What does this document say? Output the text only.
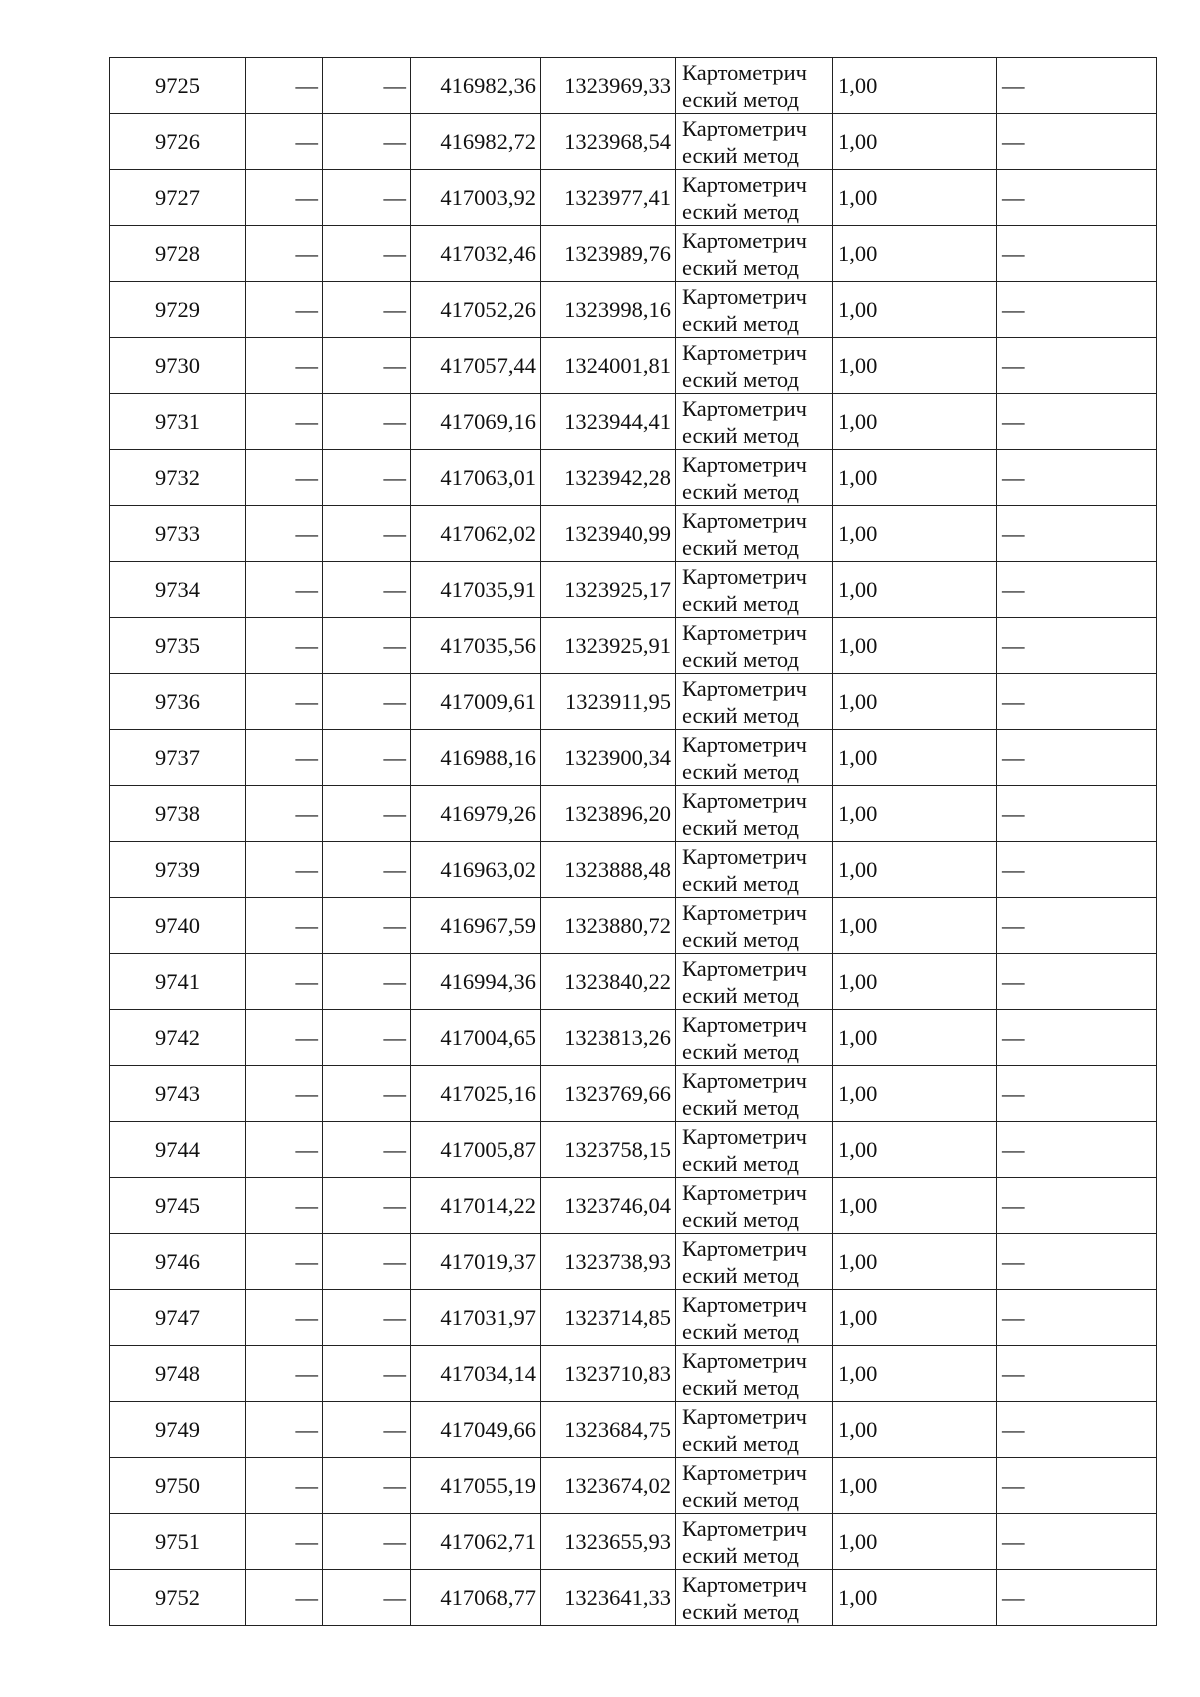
9725	—	—	416982,36	1323969,33	Картометрич
еский метод	1,00	—
9726	—	—	416982,72	1323968,54	Картометрич
еский метод	1,00	—
9727	—	—	417003,92	1323977,41	Картометрич
еский метод	1,00	—
9728	—	—	417032,46	1323989,76	Картометрич
еский метод	1,00	—
9729	—	—	417052,26	1323998,16	Картометрич
еский метод	1,00	—
9730	—	—	417057,44	1324001,81	Картометрич
еский метод	1,00	—
9731	—	—	417069,16	1323944,41	Картометрич
еский метод	1,00	—
9732	—	—	417063,01	1323942,28	Картометрич
еский метод	1,00	—
9733	—	—	417062,02	1323940,99	Картометрич
еский метод	1,00	—
9734	—	—	417035,91	1323925,17	Картометрич
еский метод	1,00	—
9735	—	—	417035,56	1323925,91	Картометрич
еский метод	1,00	—
9736	—	—	417009,61	1323911,95	Картометрич
еский метод	1,00	—
9737	—	—	416988,16	1323900,34	Картометрич
еский метод	1,00	—
9738	—	—	416979,26	1323896,20	Картометрич
еский метод	1,00	—
9739	—	—	416963,02	1323888,48	Картометрич
еский метод	1,00	—
9740	—	—	416967,59	1323880,72	Картометрич
еский метод	1,00	—
9741	—	—	416994,36	1323840,22	Картометрич
еский метод	1,00	—
9742	—	—	417004,65	1323813,26	Картометрич
еский метод	1,00	—
9743	—	—	417025,16	1323769,66	Картометрич
еский метод	1,00	—
9744	—	—	417005,87	1323758,15	Картометрич
еский метод	1,00	—
9745	—	—	417014,22	1323746,04	Картометрич
еский метод	1,00	—
9746	—	—	417019,37	1323738,93	Картометрич
еский метод	1,00	—
9747	—	—	417031,97	1323714,85	Картометрич
еский метод	1,00	—
9748	—	—	417034,14	1323710,83	Картометрич
еский метод	1,00	—
9749	—	—	417049,66	1323684,75	Картометрич
еский метод	1,00	—
9750	—	—	417055,19	1323674,02	Картометрич
еский метод	1,00	—
9751	—	—	417062,71	1323655,93	Картометрич
еский метод	1,00	—
9752	—	—	417068,77	1323641,33	Картометрич
еский метод	1,00	—
